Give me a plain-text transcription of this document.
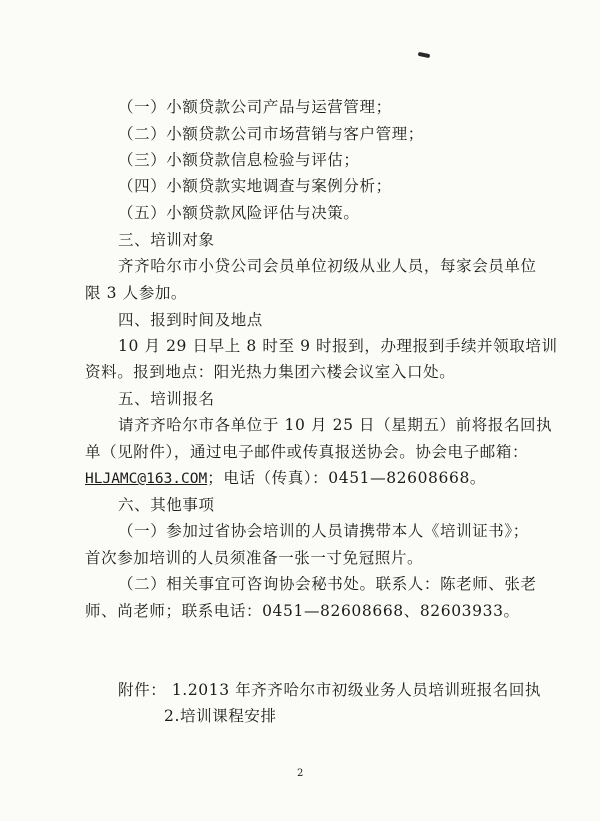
（一）小额贷款公司产品与运营管理；
（二）小额贷款公司市场营销与客户管理；
（三）小额贷款信息检验与评估；
（四）小额贷款实地调查与案例分析；
（五）小额贷款风险评估与决策。
三、培训对象
齐齐哈尔市小贷公司会员单位初级从业人员，每家会员单位
限 3 人参加。
四、报到时间及地点
10 月 29 日早上 8 时至 9 时报到，办理报到手续并领取培训
资料。报到地点：阳光热力集团六楼会议室入口处。
五、培训报名
请齐齐哈尔市各单位于 10 月 25 日（星期五）前将报名回执
单（见附件），通过电子邮件或传真报送协会。协会电子邮箱：
HLJAMC@163.COM；电话（传真）：0451—82608668。
六、其他事项
（一）参加过省协会培训的人员请携带本人《培训证书》；
首次参加培训的人员须准备一张一寸免冠照片。
（二）相关事宜可咨询协会秘书处。联系人：陈老师、张老
师、尚老师；联系电话：0451—82608668、82603933。
附件： 1.2013 年齐齐哈尔市初级业务人员培训班报名回执
2.培训课程安排
2
